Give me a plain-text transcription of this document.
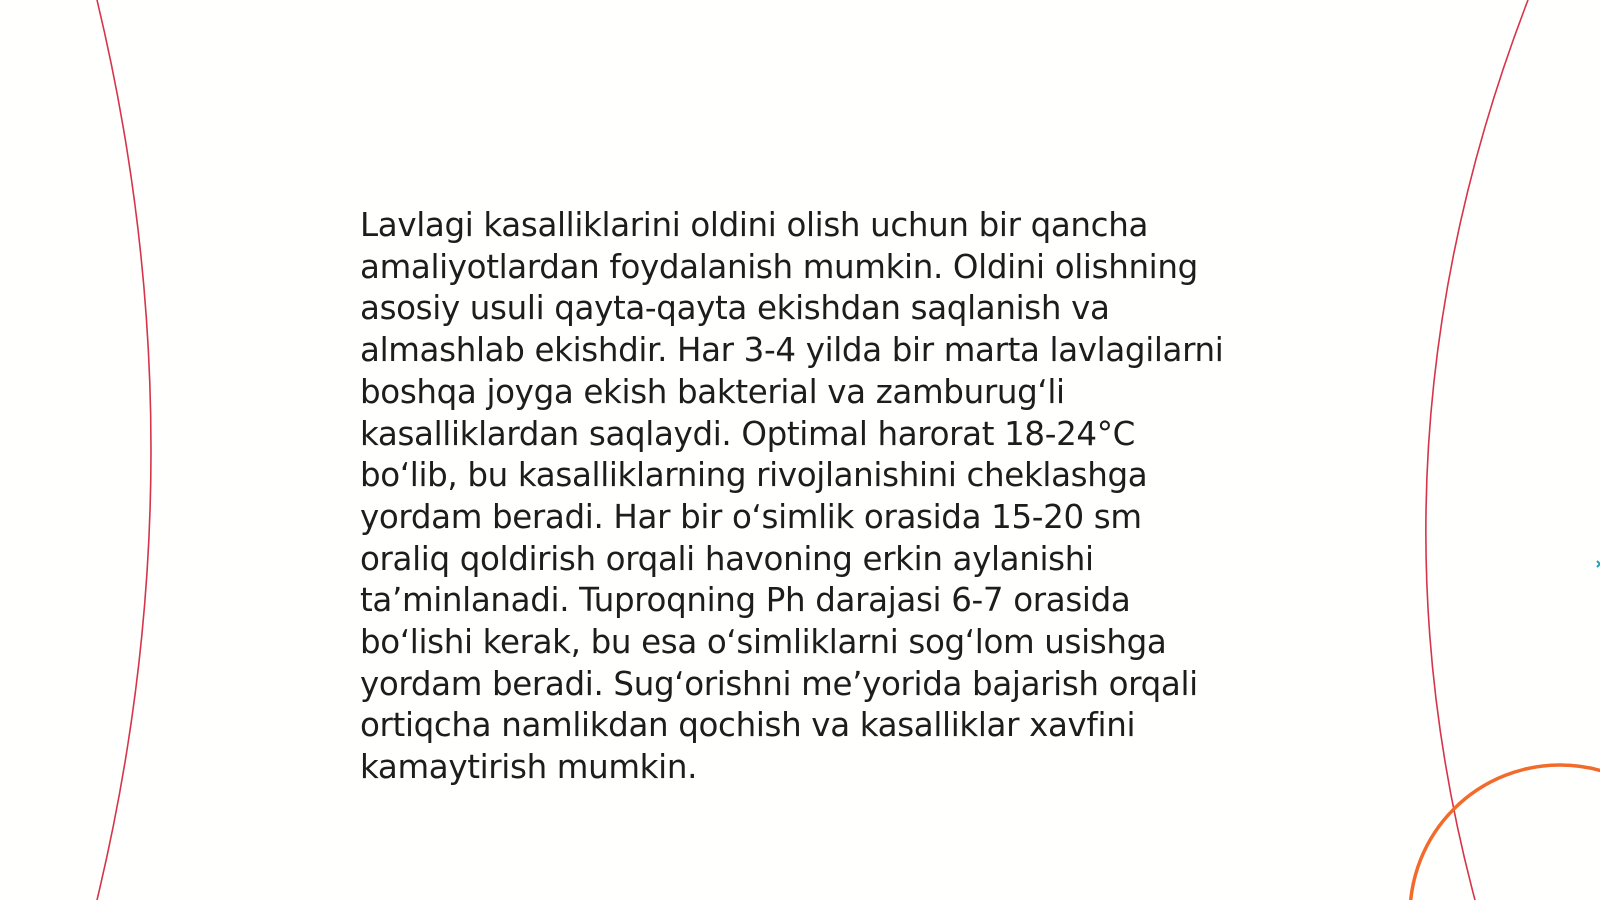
Lavlagi kasalliklarini oldini olish uchun bir qancha amaliyotlardan foydalanish mumkin. Oldini olishning asosiy usuli qayta-qayta ekishdan saqlanish va almashlab ekishdir. Har 3-4 yilda bir marta lavlagilarni boshqa joyga ekish bakterial va zamburug‘li kasalliklardan saqlaydi. Optimal harorat 18-24°C bo‘lib, bu kasalliklarning rivojlanishini cheklashga yordam beradi. Har bir o‘simlik orasida 15-20 sm oraliq qoldirish orqali havoning erkin aylanishi ta’minlanadi. Tuproqning Ph darajasi 6-7 orasida bo‘lishi kerak, bu esa o‘simliklarni sog‘lom usishga yordam beradi. Sug‘orishni me’yorida bajarish orqali ortiqcha namlikdan qochish va kasalliklar xavfini kamaytirish mumkin.
